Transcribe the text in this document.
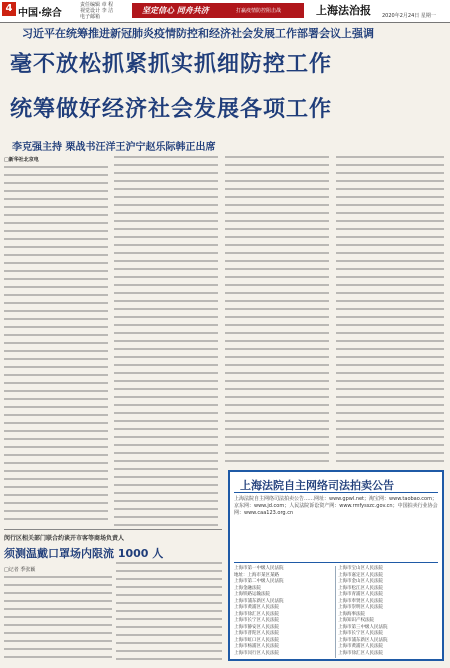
4 中国·综合
责任编辑 章 程
视觉设计 李 洁
电子邮箱
坚定信心 同舟共济	打赢疫情防控阻击战	上海法治报 2020年2月24日 星期一
习近平在统筹推进新冠肺炎疫情防控和经济社会发展工作部署会议上强调
毫不放松抓紧抓实抓细防控工作
统筹做好经济社会发展各项工作
李克强主持 栗战书汪洋王沪宁赵乐际韩正出席
□新华社北京电
闵行区相关部门联合约谈开市客等商场负责人
须测温戴口罩场内限流 1000 人
□记者 季张颖
上海法院自主网络司法拍卖公告
上海法院自主网络司法拍卖公告……网址：www.gpwl.net；淘宝网：www.taobao.com；京东网：www.jd.com；人民法院诉讼资产网：www.rmfysszc.gov.cn；中国拍卖行业协会网：www.caa123.org.cn
上海市第一中级人民法院
地址：上海市某区某路
上海市第二中级人民法院
上海金融法院
上海铁路运输法院
上海市浦东新区人民法院
上海市黄浦区人民法院
上海市徐汇区人民法院
上海市长宁区人民法院
上海市静安区人民法院
上海市普陀区人民法院
上海市虹口区人民法院
上海市杨浦区人民法院
上海市闵行区人民法院
上海市宝山区人民法院
上海市嘉定区人民法院
上海市金山区人民法院
上海市松江区人民法院
上海市青浦区人民法院
上海市奉贤区人民法院
上海市崇明区人民法院
上海海事法院
上海知识产权法院
上海市第三中级人民法院
上海市长宁区人民法院
上海市浦东新区人民法院
上海市黄浦区人民法院
上海市徐汇区人民法院
